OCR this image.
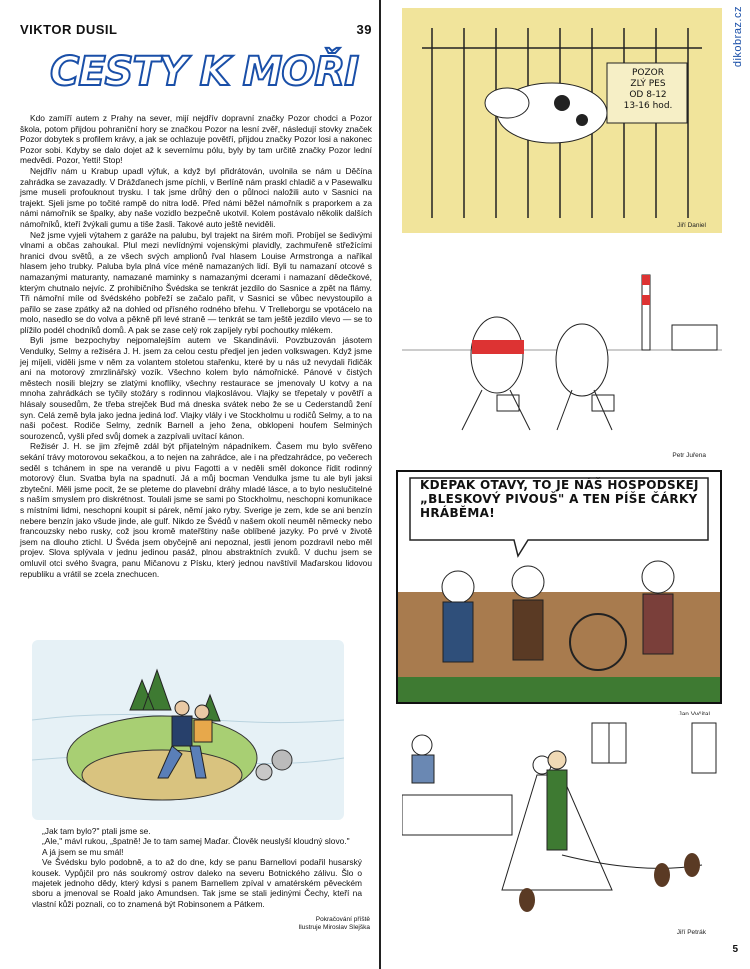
VIKTOR DUSIL	39
CESTY K MOŘI

Kdo zamíří autem z Prahy na sever, mijí nejdřív dopravní značky Pozor chodci a Pozor škola, potom přijdou pohraniční hory se značkou Pozor na lesní zvěř, následují stovky značek Pozor dobytek s profilem krávy, a jak se ochlazuje povětří, přijdou značky Pozor losi a nakonec Pozor sobi. Kdyby se dalo dojet až k severnímu pólu, byly by tam určitě značky Pozor lední medvědi. Pozor, Yetti! Stop!

Nejdřív nám u Krabup upadl výfuk, a když byl přidrátován, uvolnila se nám u Děčína zahrádka se zavazadly. V Drážďanech jsme píchli, v Berlíně nám praskl chladič a v Pasewalku jsme museli profouknout trysku. I tak jsme drůhý den o půlnoci naložili auto v Sasnici na trajekt. Sjeli jsme po točité rampě do nitra lodě. Před námi běžel námořník s praporkem a za námi námořník se špalky, aby naše vozidlo bezpečně ukotvil. Kolem postávalo několik dalších námořníků, kteří žvýkali gumu a tiše žasli. Takové auto ještě neviděli.

Než jsme vyjeli výtahem z garáže na palubu, byl trajekt na širém moři. Probíjel se šedivými vlnami a občas zahoukal. Plul mezi nevlídnými vojenskými plavidly, zachmuřeně střežícími hranici dvou světů, a ze všech svých amplionů řval hlasem Louise Armstronga a naříkal hlasem jeho trubky. Paluba byla plná více méně namazaných lidí. Byli tu namazaní otcové s namazanými maturanty, namazané maminky s namazanými dcerami i namazaní dědečkové, kterým chutnalo nejvíc. Z prohibičního Švédska se tenkrát jezdilo do Sasnice a zpět na flámy. Tři námořní míle od švédského pobřeží se začalo pařit, v Sasnici se vůbec nevystoupilo a pařilo se zase zpátky až na dohled od přísného rodného břehu. V Trelleborgu se vpotácelo na molo, nasedlo se do volva a pěkně při levé straně — tenkrát se tam ještě jezdilo vlevo — se to plížilo podél chodníků domů. A pak se zase celý rok zapíjely rybí pochoutky mlékem.

Byli jsme bezpochyby nejpomalejším autem ve Skandinávii. Povzbuzován jásotem Vendulky, Selmy a režiséra J. H. jsem za celou cestu předjel jen jeden volkswagen. Když jsme jej míjeli, viděli jsme v něm za volantem stoletou stařenku, které by u nás už nevydali řidičák ani na motorový zmrzlinářský vozík. Všechno kolem bylo námořnické. Pánové v čistých městech nosili blejzry se zlatými knoflíky, všechny restaurace se jmenovaly U kotvy a na mnoha zahrádkách se tyčily stožáry s rodinnou vlajkoslávou. Vlajky se třepetaly v povětří a hlásaly sousedům, že třeba strejček Bud má dneska svátek nebo že se u Cederstandů žení syn. Celá země byla jako jedna jediná loď. Vlajky vlály i ve Stockholmu u rodičů Selmy, a to na naši počest. Rodiče Selmy, zedník Barnell a jeho žena, obklopeni houfem Selminých sourozenců, vyšli před svůj domek a zazpívali uvítací kánon.

Režisér J. H. se jim zřejmě zdál být přijatelným nápadníkem. Časem mu bylo svěřeno sekání trávy motorovou sekačkou, a to nejen na zahrádce, ale i na předzahrádce, po večerech seděl s tchánem in spe na verandě u pivu Fagotti a v neděli směl dokonce řídit rodinný motorový člun. Svatba byla na spadnutí. Já a můj bocman Vendulka jsme tu ale byli jaksi zbyteční. Měli jsme pocit, že se pleteme do plavební dráhy mladé lásce, a to bylo neslučitelné s naším smyslem pro diskrétnost. Toulali jsme se sami po Stockholmu, neschopni komunikace s místními lidmi, neschopni koupit si párek, němí jako ryby. Sverige je zem, kde se ani benzín nebere benzín jako všude jinde, ale gulf. Nikdo ze Švédů v našem okolí neuměl německy nebo francouzsky nebo rusky, což jsou kromě mateřštiny naše oblíbené jazyky. Po prvé v životě jsem na dlouho ztichl. U Švéda jsem obyčejně ani nepoznal, jestli jenom pozdravil nebo měl projev. Slova splývala v jednu jedinou pasáž, plnou abstraktních zvuků. V duchu jsem se omluvil otci svého švagra, panu Mičanovu z Písku, který jednou navštívil Maďarskou lidovou republiku a vrátil se zcela znechucen.

„Jak tam bylo?" ptali jsme se.

„Ale," mávl rukou, „špatně! Je to tam samej Maďar. Člověk neuslyší kloudný slovo."

A já jsem se mu smál!

Ve Švédsku bylo podobně, a to až do dne, kdy se panu Barnellovi podařil husarský kousek. Vypůjčil pro nás soukromý ostrov daleko na severu Botnického zálivu. Šlo o majetek jednoho dědy, který kdysi s panem Barnellem zpíval v amatérském pěveckém sboru a jmenoval se Roald jako Amundsen. Tak jsme se stali jedinými Čechy, kteří na vlastní kůži poznali, co to znamená být Robinsonem a Pátkem.

Pokračování příště
Ilustruje Miroslav Slejška
dikobraz.cz
POZOR
ZLÝ PES
OD 8-12
13-16 hod.
Jiří Daniel
Petr Juřena
KDEPAK OTAVY, TO JE NÁŠ HOSPODSKEJ „BLESKOVÝ PIVOUŠ" A TEN PÍŠE ČÁRKY HRÁBĚMA!
Jiří Petrák
5
